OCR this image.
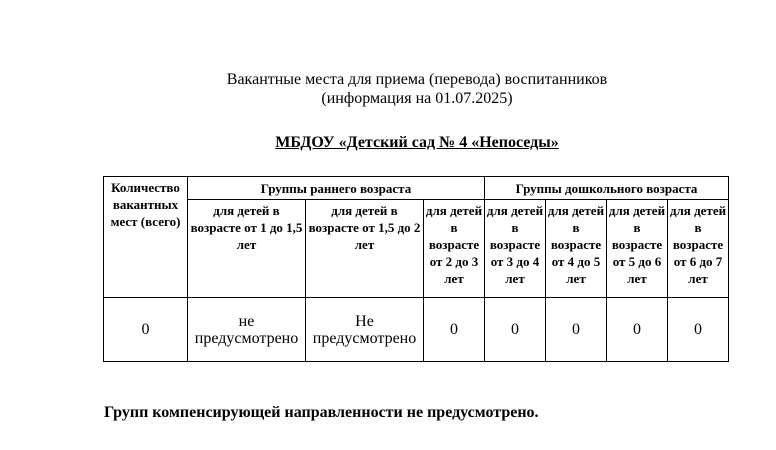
Вакантные места для приема (перевода) воспитанников
(информация на 01.07.2025)
МБДОУ «Детский сад № 4 «Непоседы»
Количество вакантных мест (всего)	Группы раннего возраста			Группы дошкольного возраста			
	для детей в возрасте от 1 до 1,5 лет	для детей в возрасте от 1,5 до 2 лет	для детей в возрасте от 2 до 3 лет	для детей в возрасте от 3 до 4 лет	для детей в возрасте от 4 до 5 лет	для детей в возрасте от 5 до 6 лет	для детей в возрасте от 6 до 7 лет
0	не предусмотрено	Не предусмотрено	0	0	0	0	0
Групп компенсирующей направленности не предусмотрено.
